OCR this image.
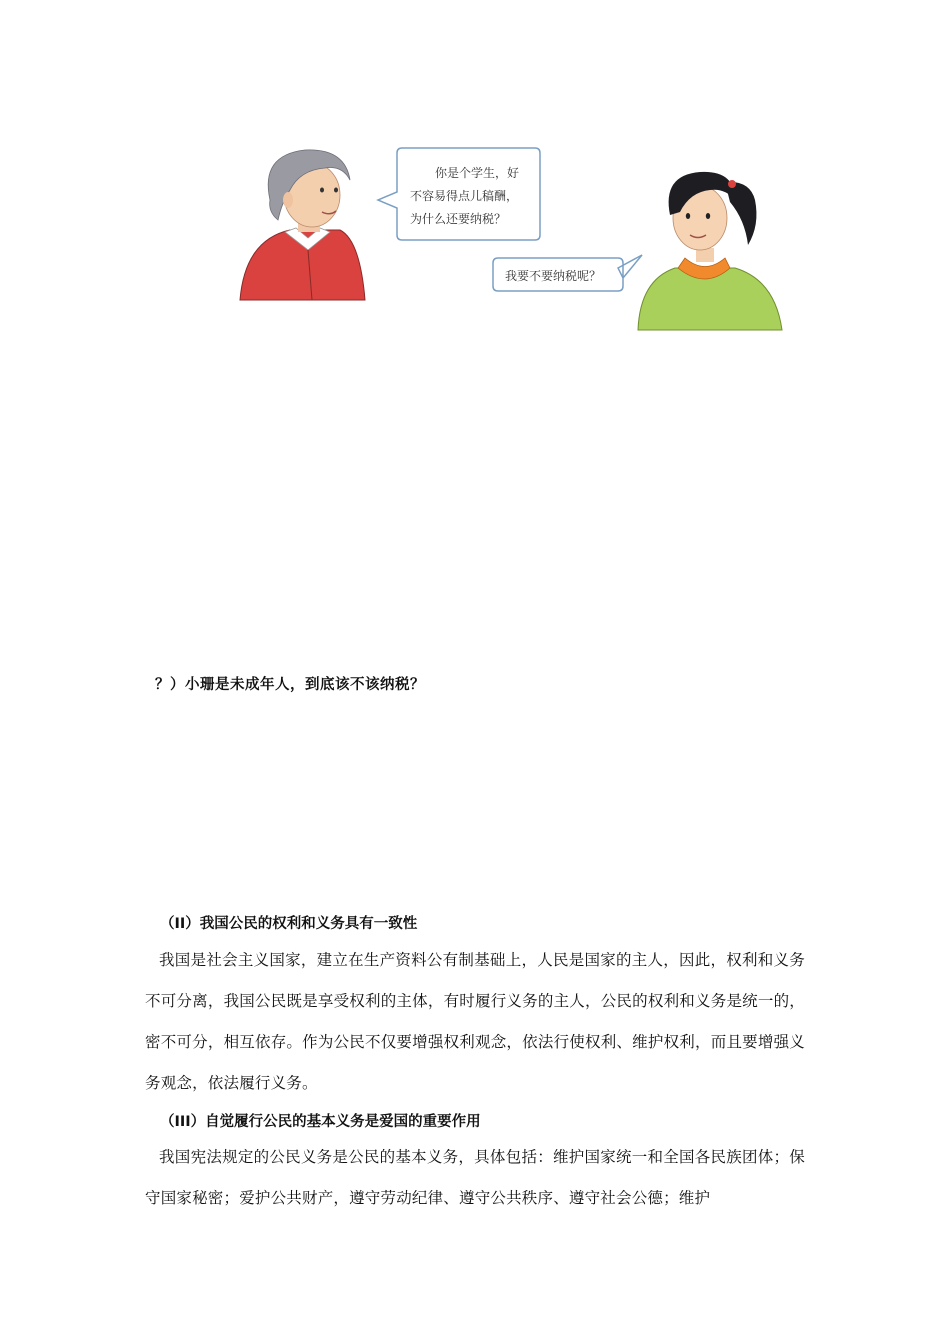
你是个学生，好
不容易得点儿稿酬，
为什么还要纳税？
我要不要纳税呢？

？）小珊是未成年人，到底该不该纳税？

（II）我国公民的权利和义务具有一致性

我国是社会主义国家，建立在生产资料公有制基础上，人民是国家的主人，因此，权利和义务不可分离，我国公民既是享受权利的主体，有时履行义务的主人，公民的权利和义务是统一的，密不可分，相互依存。作为公民不仅要增强权利观念，依法行使权利、维护权利，而且要增强义务观念，依法履行义务。

（III）自觉履行公民的基本义务是爱国的重要作用

我国宪法规定的公民义务是公民的基本义务，具体包括：维护国家统一和全国各民族团体；保守国家秘密；爱护公共财产，遵守劳动纪律、遵守公共秩序、遵守社会公德；维护
